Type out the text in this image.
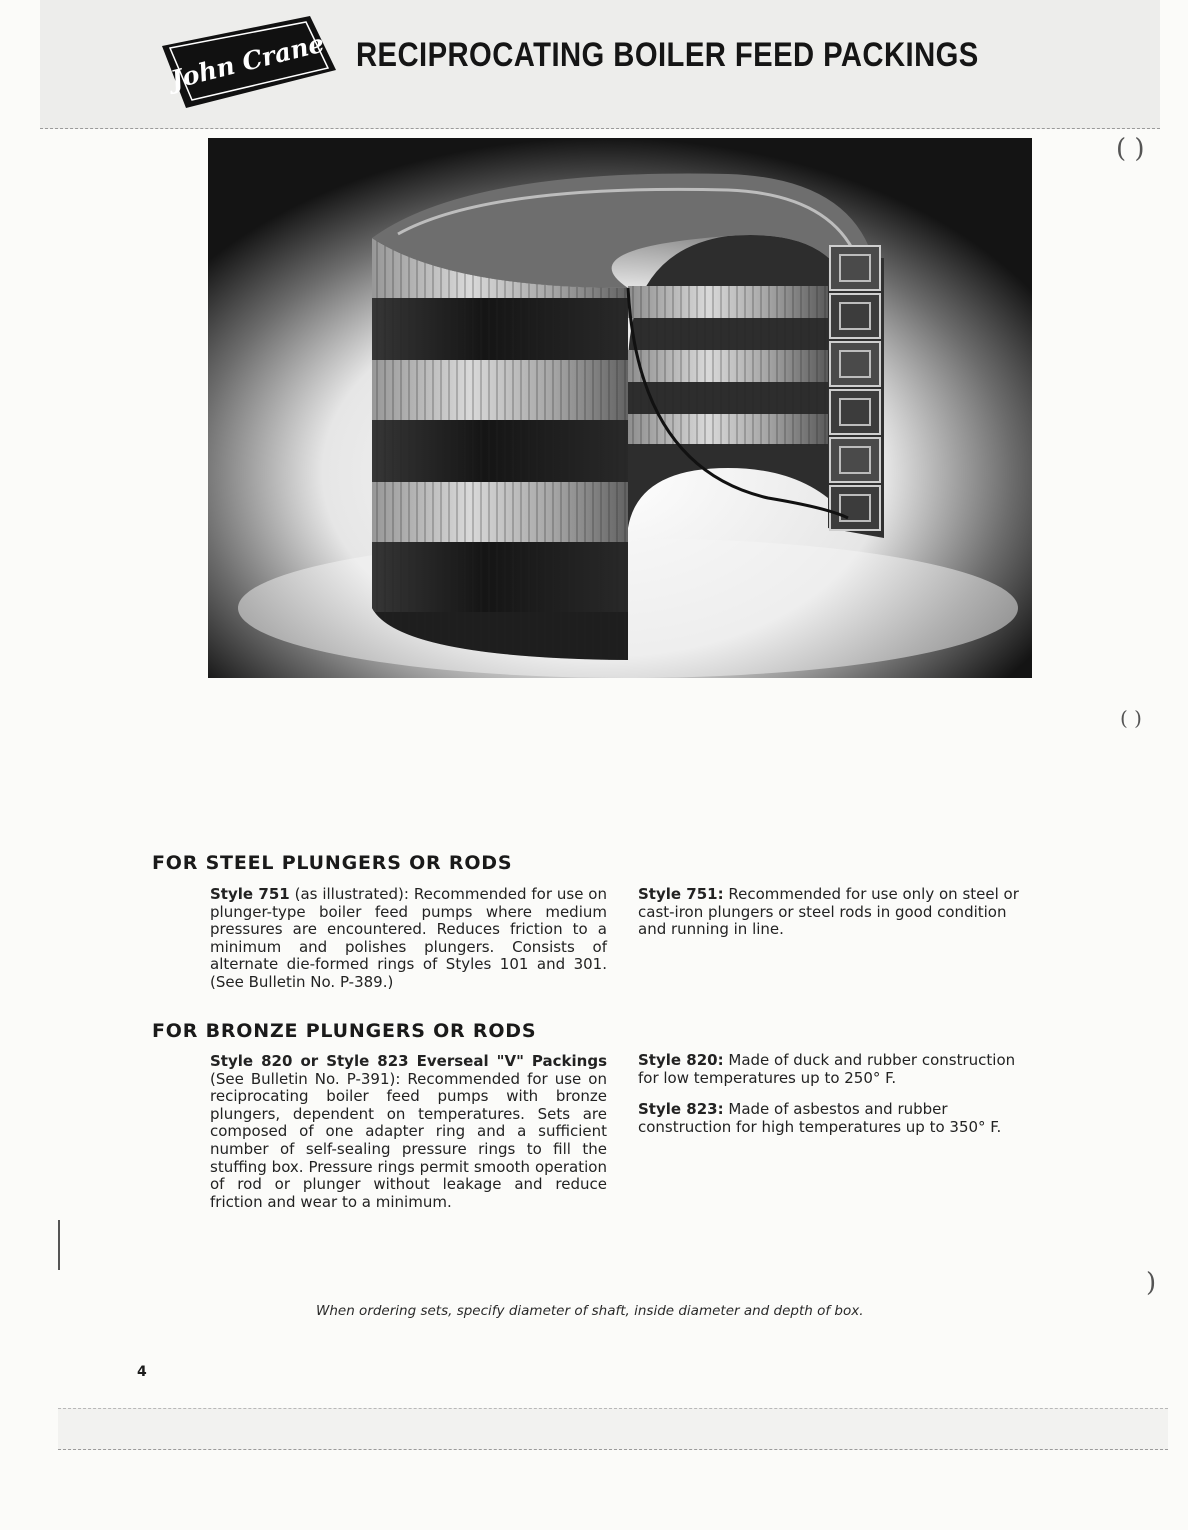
John Crane RECIPROCATING BOILER FEED PACKINGS
( )
( )
)
FOR STEEL PLUNGERS OR RODS

Style 751 (as illustrated): Recommended for use on plunger-type boiler feed pumps where medium pressures are encountered. Reduces friction to a minimum and polishes plungers. Consists of alternate die-formed rings of Styles 101 and 301. (See Bulletin No. P-389.)

Style 751: Recommended for use only on steel or cast-iron plungers or steel rods in good condition and running in line.

FOR BRONZE PLUNGERS OR RODS

Style 820 or Style 823 Everseal "V" Packings (See Bulletin No. P-391): Recommended for use on reciprocating boiler feed pumps with bronze plungers, dependent on temperatures. Sets are composed of one adapter ring and a sufficient number of self-sealing pressure rings to fill the stuffing box. Pressure rings permit smooth operation of rod or plunger without leakage and reduce friction and wear to a minimum.

Style 820: Made of duck and rubber construction for low temperatures up to 250° F.

Style 823: Made of asbestos and rubber construction for high temperatures up to 350° F.

When ordering sets, specify diameter of shaft, inside diameter and depth of box.

4
